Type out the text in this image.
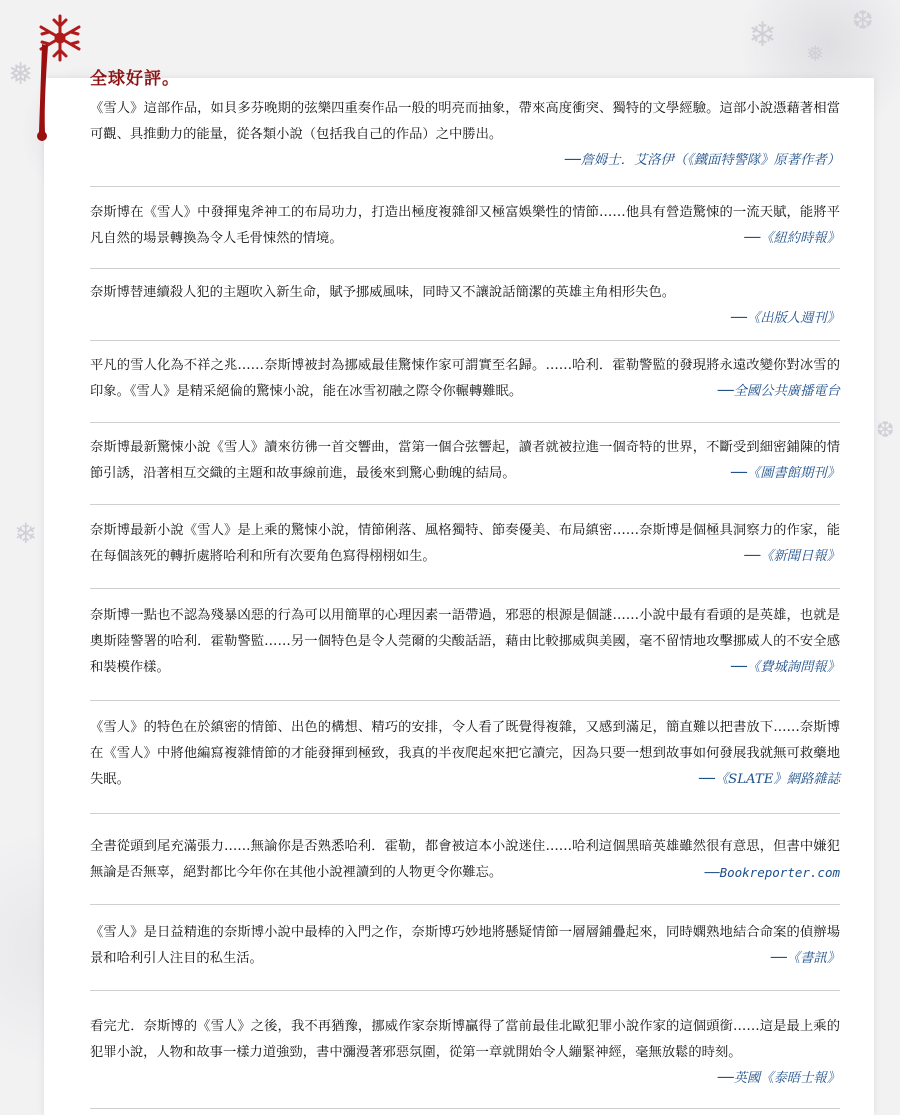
❄ ❅
❆
❅
❄
❆
全球好評。

《雪人》這部作品，如貝多芬晚期的弦樂四重奏作品一般的明亮而抽象，帶來高度衝突、獨特的文學經驗。這部小說憑藉著相當可觀、具推動力的能量，從各類小說（包括我自己的作品）之中勝出。

──詹姆士．艾洛伊（《鐵面特警隊》原著作者）

奈斯博在《雪人》中發揮鬼斧神工的布局功力，打造出極度複雜卻又極富娛樂性的情節……他具有營造驚悚的一流天賦，能將平凡自然的場景轉換為令人毛骨悚然的情境。	──《紐約時報》

奈斯博替連續殺人犯的主題吹入新生命，賦予挪威風味，同時又不讓說話簡潔的英雄主角相形失色。

──《出版人週刊》

平凡的雪人化為不祥之兆……奈斯博被封為挪威最佳驚悚作家可謂實至名歸。……哈利．霍勒警監的發現將永遠改變你對冰雪的印象。《雪人》是精采絕倫的驚悚小說，能在冰雪初融之際令你輾轉難眠。	──全國公共廣播電台

奈斯博最新驚悚小說《雪人》讀來彷彿一首交響曲，當第一個合弦響起，讀者就被拉進一個奇特的世界，不斷受到細密鋪陳的情節引誘，沿著相互交織的主題和故事線前進，最後來到驚心動魄的結局。	──《圖書館期刊》

奈斯博最新小說《雪人》是上乘的驚悚小說，情節俐落、風格獨特、節奏優美、布局縝密……奈斯博是個極具洞察力的作家，能在每個該死的轉折處將哈利和所有次要角色寫得栩栩如生。	──《新聞日報》

奈斯博一點也不認為殘暴凶惡的行為可以用簡單的心理因素一語帶過，邪惡的根源是個謎……小說中最有看頭的是英雄，也就是奧斯陸警署的哈利．霍勒警監……另一個特色是令人莞爾的尖酸話語，藉由比較挪威與美國，毫不留情地攻擊挪威人的不安全感和裝模作樣。	──《費城詢問報》

《雪人》的特色在於縝密的情節、出色的構想、精巧的安排，令人看了既覺得複雜，又感到滿足，簡直難以把書放下……奈斯博在《雪人》中將他編寫複雜情節的才能發揮到極致，我真的半夜爬起來把它讀完，因為只要一想到故事如何發展我就無可救藥地失眠。	──《SLATE》網路雜誌

全書從頭到尾充滿張力……無論你是否熟悉哈利．霍勒，都會被這本小說迷住……哈利這個黑暗英雄雖然很有意思，但書中嫌犯無論是否無辜，絕對都比今年你在其他小說裡讀到的人物更令你難忘。	──Bookreporter.com

《雪人》是日益精進的奈斯博小說中最棒的入門之作，奈斯博巧妙地將懸疑情節一層層鋪疊起來，同時嫻熟地結合命案的偵辦場景和哈利引人注目的私生活。	──《書訊》

看完尤．奈斯博的《雪人》之後，我不再猶豫，挪威作家奈斯博贏得了當前最佳北歐犯罪小說作家的這個頭銜……這是最上乘的犯罪小說，人物和故事一樣力道強勁，書中瀰漫著邪惡氛圍，從第一章就開始令人繃緊神經，毫無放鬆的時刻。
──英國《泰晤士報》
